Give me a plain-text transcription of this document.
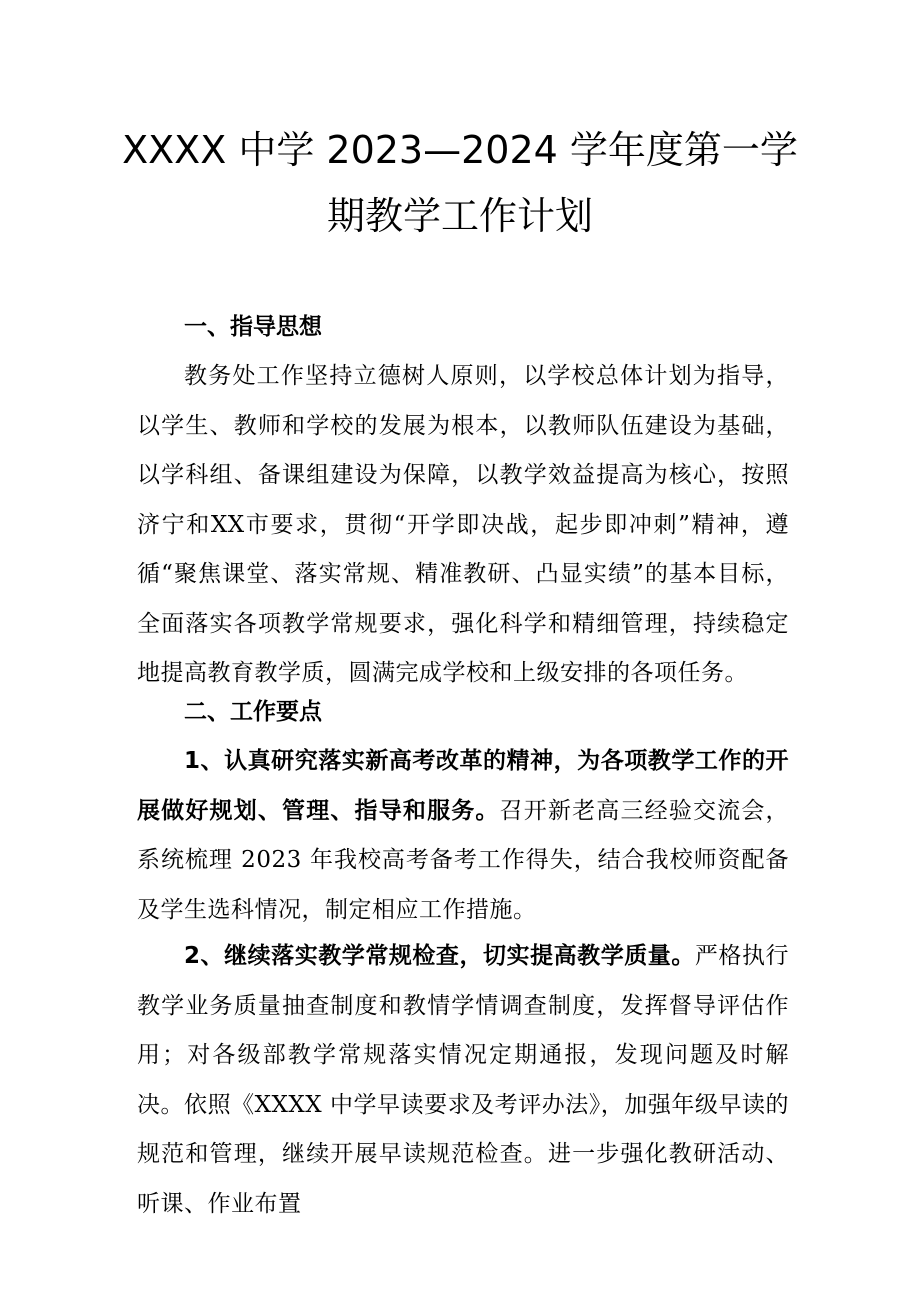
XXXX 中学 2023—2024 学年度第一学
期教学工作计划
一、指导思想

教务处工作坚持立德树人原则，以学校总体计划为指导，以学生、教师和学校的发展为根本，以教师队伍建设为基础，以学科组、备课组建设为保障，以教学效益提高为核心，按照济宁和XX市要求，贯彻“开学即决战，起步即冲刺”精神，遵循“聚焦课堂、落实常规、精准教研、凸显实绩”的基本目标，全面落实各项教学常规要求，强化科学和精细管理，持续稳定地提高教育教学质，圆满完成学校和上级安排的各项任务。

二、工作要点

1、认真研究落实新高考改革的精神，为各项教学工作的开展做好规划、管理、指导和服务。召开新老高三经验交流会，系统梳理 2023 年我校高考备考工作得失，结合我校师资配备及学生选科情况，制定相应工作措施。

2、继续落实教学常规检查，切实提高教学质量。严格执行教学业务质量抽查制度和教情学情调查制度，发挥督导评估作用；对各级部教学常规落实情况定期通报，发现问题及时解决。依照《XXXX 中学早读要求及考评办法》，加强年级早读的规范和管理，继续开展早读规范检查。进一步强化教研活动、听课、作业布置
